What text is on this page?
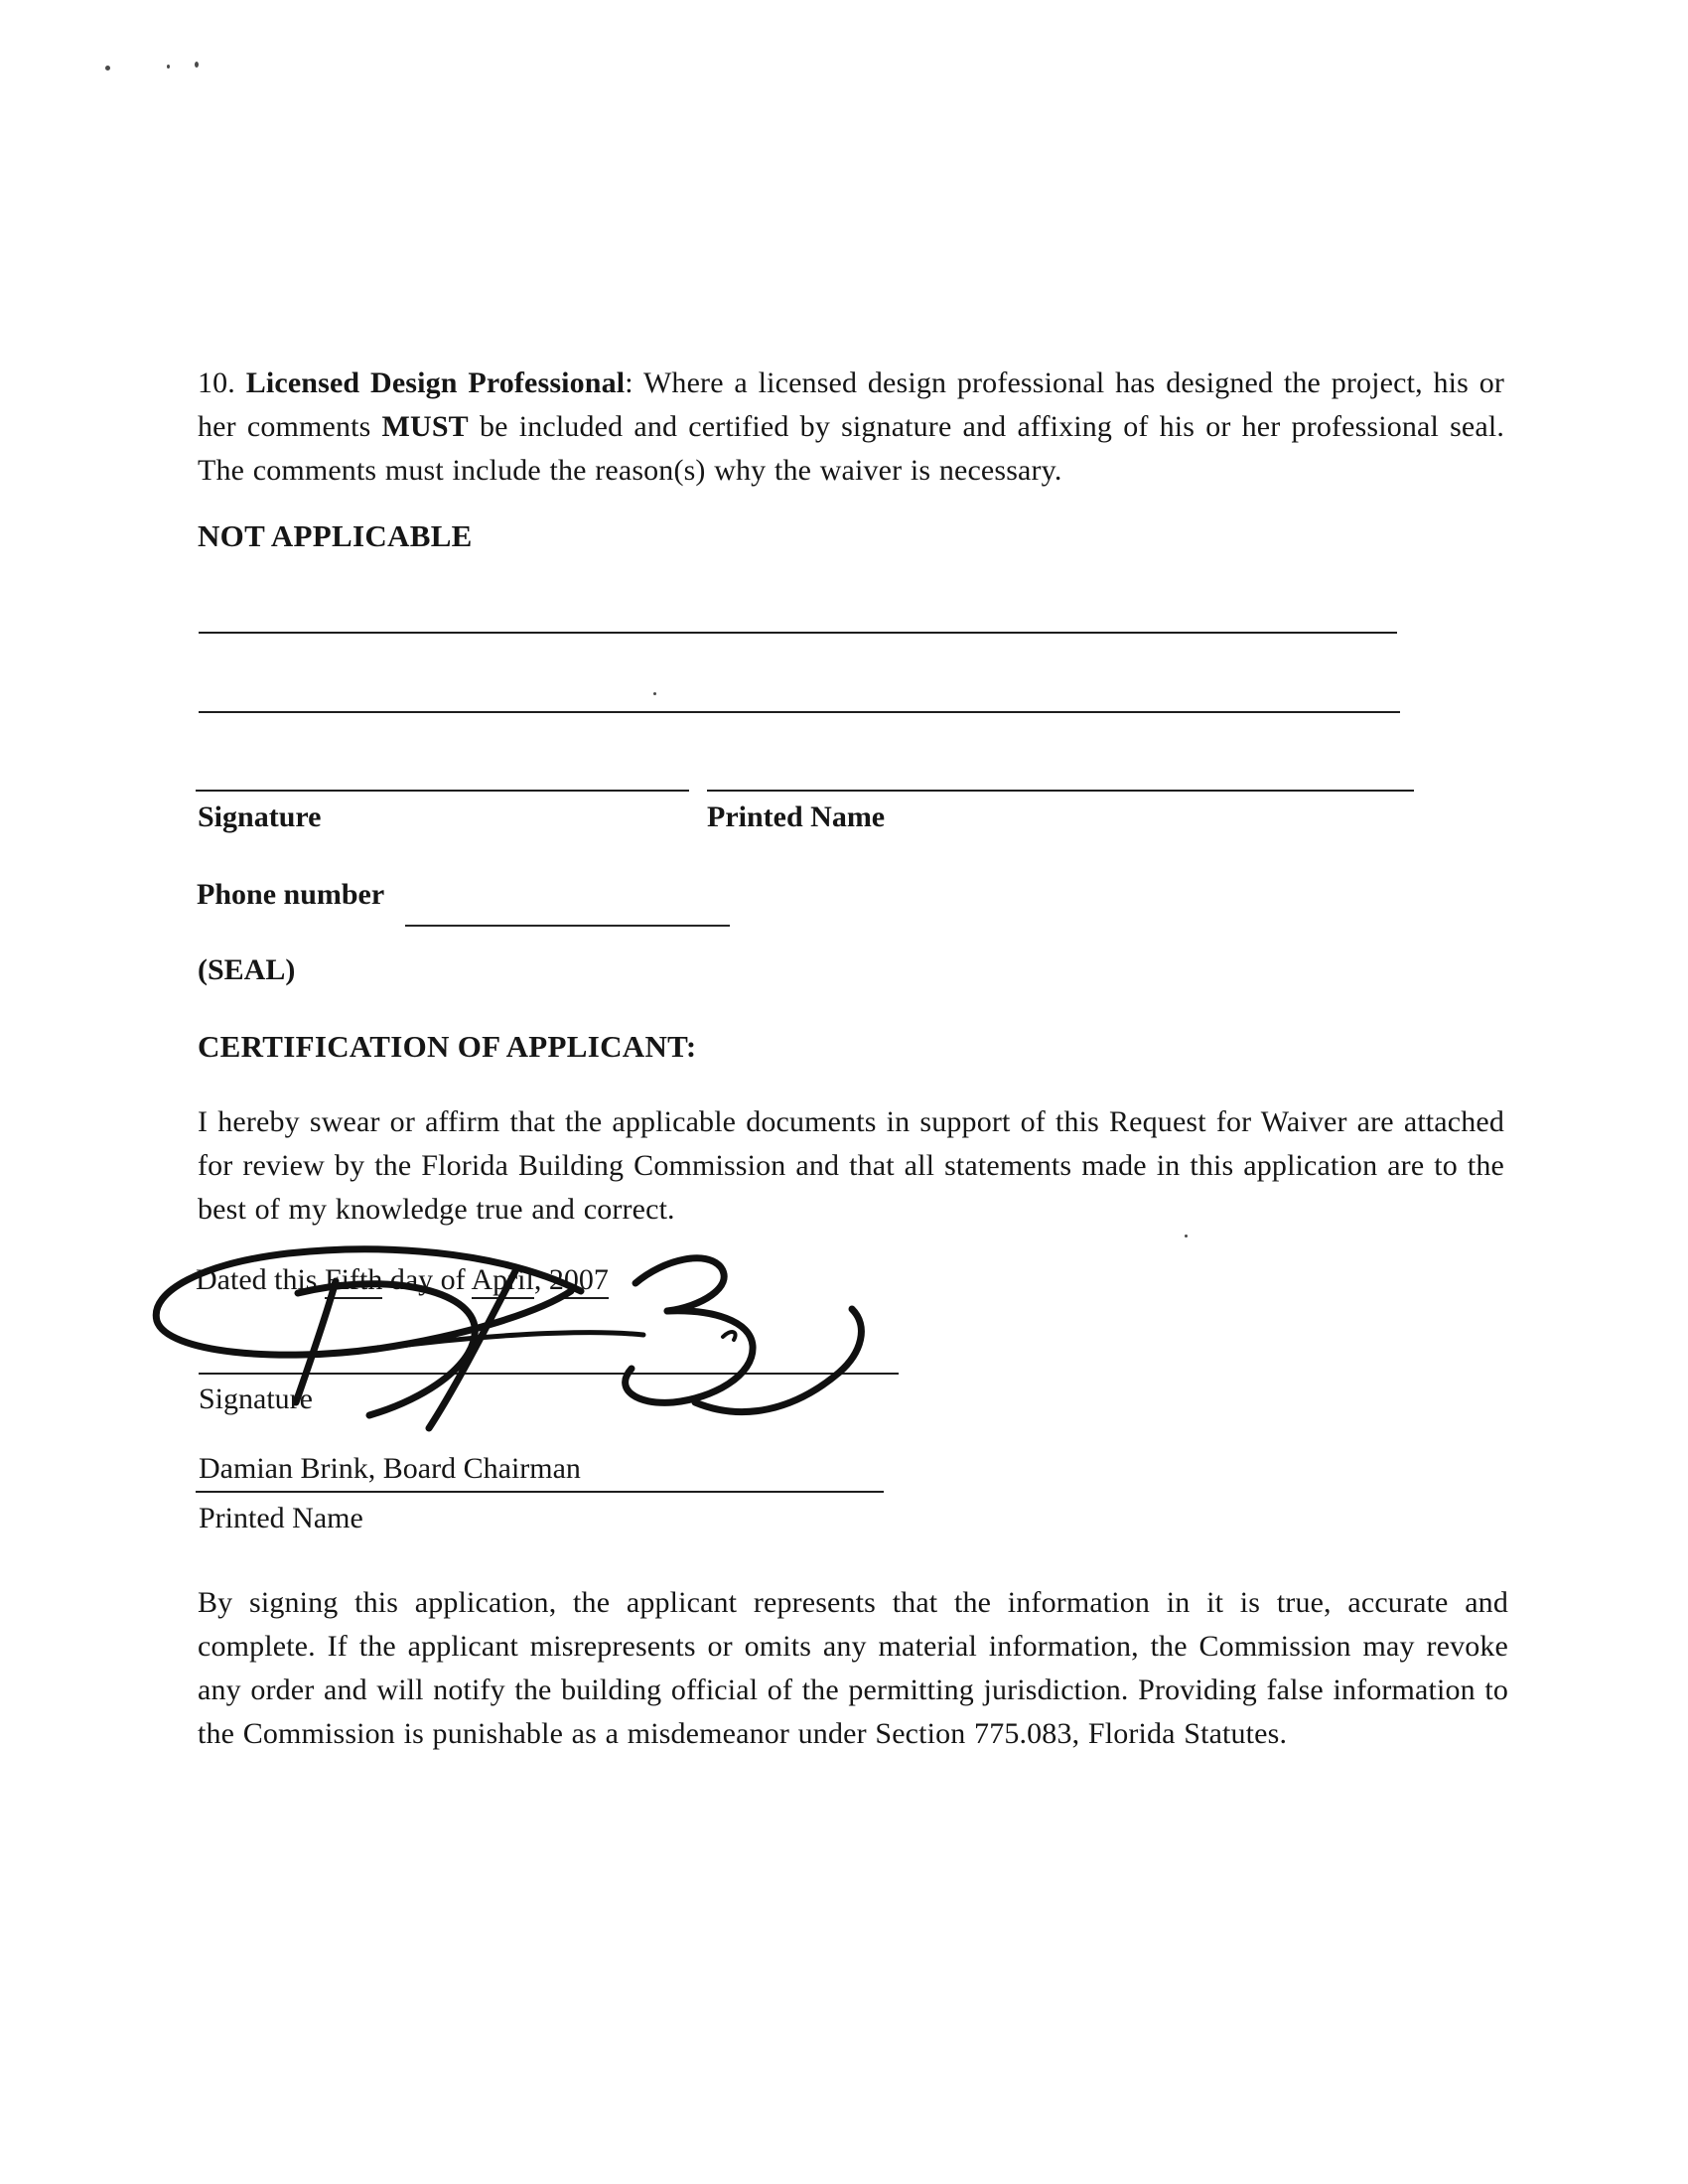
10. Licensed Design Professional: Where a licensed design professional has designed the project, his or her comments MUST be included and certified by signature and affixing of his or her professional seal. The comments must include the reason(s) why the waiver is necessary.
NOT APPLICABLE
Signature	Printed Name
Phone number
(SEAL)
CERTIFICATION OF APPLICANT:
I hereby swear or affirm that the applicable documents in support of this Request for Waiver are attached for review by the Florida Building Commission and that all statements made in this application are to the best of my knowledge true and correct.
Dated this Fifth day of April, 2007
Signature
Damian Brink, Board Chairman
Printed Name
By signing this application, the applicant represents that the information in it is true, accurate and complete. If the applicant misrepresents or omits any material information, the Commission may revoke any order and will notify the building official of the permitting jurisdiction. Providing false information to the Commission is punishable as a misdemeanor under Section 775.083, Florida Statutes.
